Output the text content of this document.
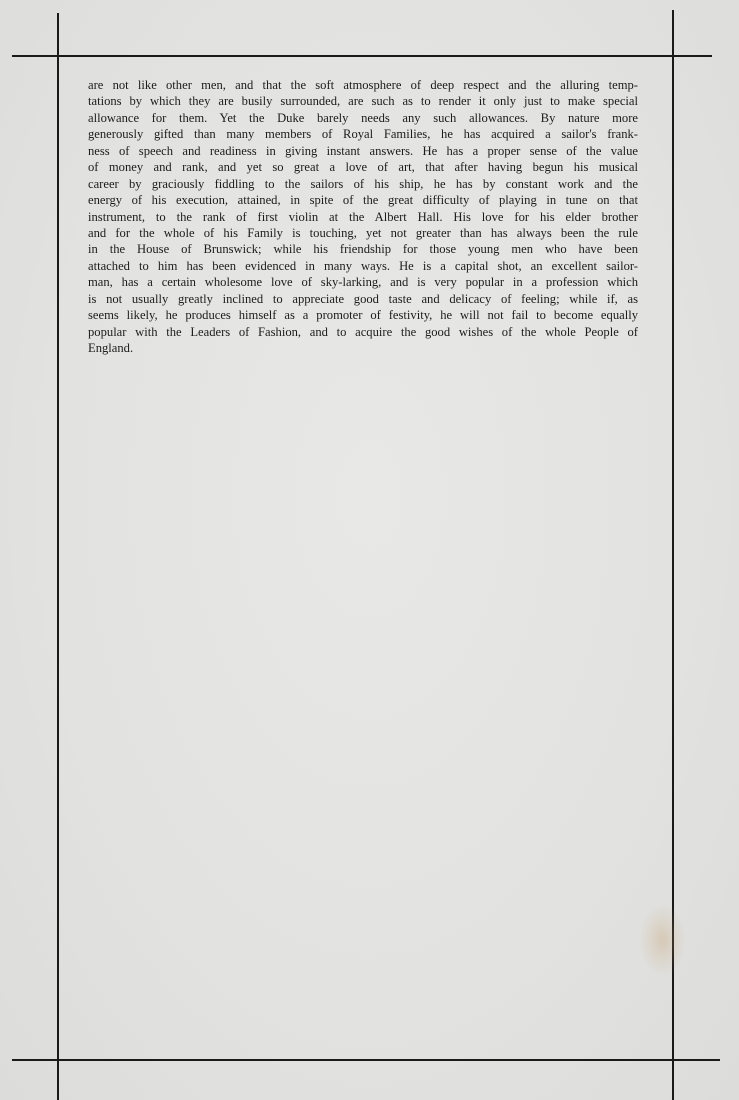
are not like other men, and that the soft atmosphere of deep respect and the alluring temp-
tations by which they are busily surrounded, are such as to render it only just to make special
allowance for them. Yet the Duke barely needs any such allowances. By nature more
generously gifted than many members of Royal Families, he has acquired a sailor's frank-
ness of speech and readiness in giving instant answers. He has a proper sense of the value
of money and rank, and yet so great a love of art, that after having begun his musical
career by graciously fiddling to the sailors of his ship, he has by constant work and the
energy of his execution, attained, in spite of the great difficulty of playing in tune on that
instrument, to the rank of first violin at the Albert Hall. His love for his elder brother
and for the whole of his Family is touching, yet not greater than has always been the rule
in the House of Brunswick; while his friendship for those young men who have been
attached to him has been evidenced in many ways. He is a capital shot, an excellent sailor-
man, has a certain wholesome love of sky-larking, and is very popular in a profession which
is not usually greatly inclined to appreciate good taste and delicacy of feeling; while if, as
seems likely, he produces himself as a promoter of festivity, he will not fail to become equally
popular with the Leaders of Fashion, and to acquire the good wishes of the whole People of
England.
